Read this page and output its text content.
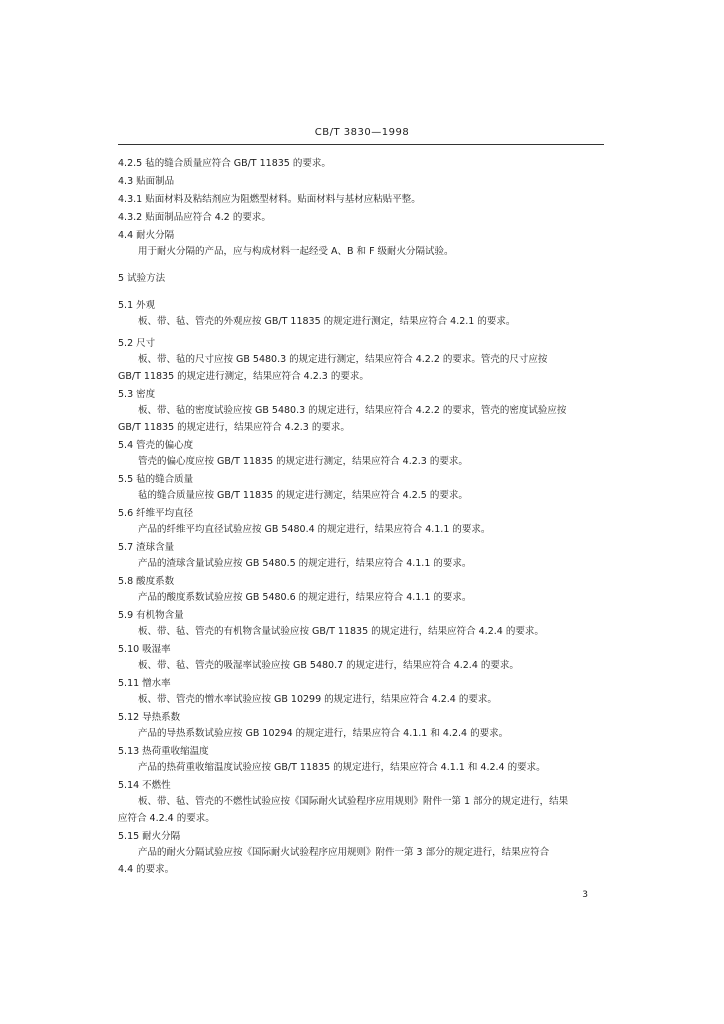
CB/T 3830—1998
4.2.5 毡的缝合质量应符合 GB/T 11835 的要求。
4.3 贴面制品
4.3.1 贴面材料及粘结剂应为阻燃型材料。贴面材料与基材应粘贴平整。
4.3.2 贴面制品应符合 4.2 的要求。
4.4 耐火分隔
用于耐火分隔的产品，应与构成材料一起经受 A、B 和 F 级耐火分隔试验。
5 试验方法
5.1 外观
板、带、毡、管壳的外观应按 GB/T 11835 的规定进行测定，结果应符合 4.2.1 的要求。
5.2 尺寸
板、带、毡的尺寸应按 GB 5480.3 的规定进行测定，结果应符合 4.2.2 的要求。管壳的尺寸应按
GB/T 11835 的规定进行测定，结果应符合 4.2.3 的要求。
5.3 密度
板、带、毡的密度试验应按 GB 5480.3 的规定进行，结果应符合 4.2.2 的要求，管壳的密度试验应按
GB/T 11835 的规定进行，结果应符合 4.2.3 的要求。
5.4 管壳的偏心度
管壳的偏心度应按 GB/T 11835 的规定进行测定，结果应符合 4.2.3 的要求。
5.5 毡的缝合质量
毡的缝合质量应按 GB/T 11835 的规定进行测定，结果应符合 4.2.5 的要求。
5.6 纤维平均直径
产品的纤维平均直径试验应按 GB 5480.4 的规定进行，结果应符合 4.1.1 的要求。
5.7 渣球含量
产品的渣球含量试验应按 GB 5480.5 的规定进行，结果应符合 4.1.1 的要求。
5.8 酸度系数
产品的酸度系数试验应按 GB 5480.6 的规定进行，结果应符合 4.1.1 的要求。
5.9 有机物含量
板、带、毡、管壳的有机物含量试验应按 GB/T 11835 的规定进行，结果应符合 4.2.4 的要求。
5.10 吸湿率
板、带、毡、管壳的吸湿率试验应按 GB 5480.7 的规定进行，结果应符合 4.2.4 的要求。
5.11 憎水率
板、带、管壳的憎水率试验应按 GB 10299 的规定进行，结果应符合 4.2.4 的要求。
5.12 导热系数
产品的导热系数试验应按 GB 10294 的规定进行，结果应符合 4.1.1 和 4.2.4 的要求。
5.13 热荷重收缩温度
产品的热荷重收缩温度试验应按 GB/T 11835 的规定进行，结果应符合 4.1.1 和 4.2.4 的要求。
5.14 不燃性
板、带、毡、管壳的不燃性试验应按《国际耐火试验程序应用规则》附件一第 1 部分的规定进行，结果
应符合 4.2.4 的要求。
5.15 耐火分隔
产品的耐火分隔试验应按《国际耐火试验程序应用规则》附件一第 3 部分的规定进行，结果应符合
4.4 的要求。
3
